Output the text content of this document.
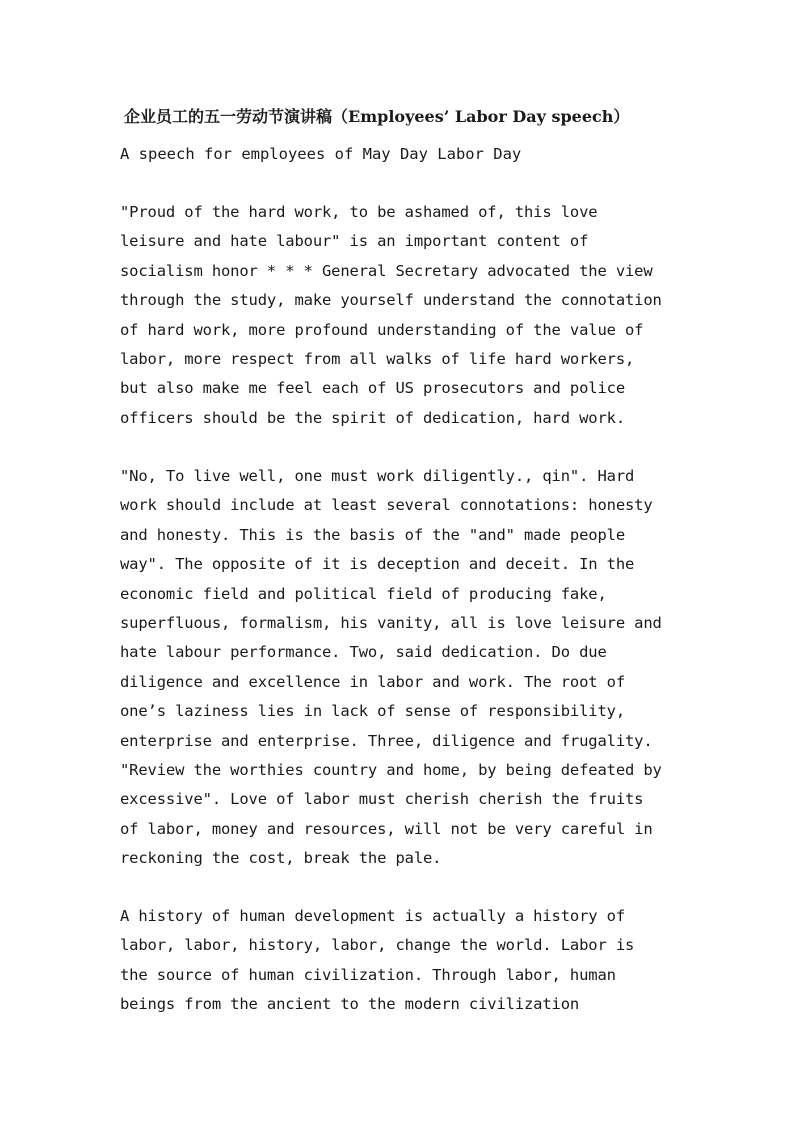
企业员工的五一劳动节演讲稿（Employees’ Labor Day speech）

A speech for employees of May Day Labor Day

"Proud of the hard work, to be ashamed of, this love
leisure and hate labour" is an important content of
socialism honor * * * General Secretary advocated the view
through the study, make yourself understand the connotation
of hard work, more profound understanding of the value of
labor, more respect from all walks of life hard workers,
but also make me feel each of US prosecutors and police
officers should be the spirit of dedication, hard work.
"No, To live well, one must work diligently., qin". Hard
work should include at least several connotations: honesty
and honesty. This is the basis of the "and" made people
way". The opposite of it is deception and deceit. In the
economic field and political field of producing fake,
superfluous, formalism, his vanity, all is love leisure and
hate labour performance. Two, said dedication. Do due
diligence and excellence in labor and work. The root of
one’s laziness lies in lack of sense of responsibility,
enterprise and enterprise. Three, diligence and frugality.
"Review the worthies country and home, by being defeated by
excessive". Love of labor must cherish cherish the fruits
of labor, money and resources, will not be very careful in
reckoning the cost, break the pale.
A history of human development is actually a history of
labor, labor, history, labor, change the world. Labor is
the source of human civilization. Through labor, human
beings from the ancient to the modern civilization
